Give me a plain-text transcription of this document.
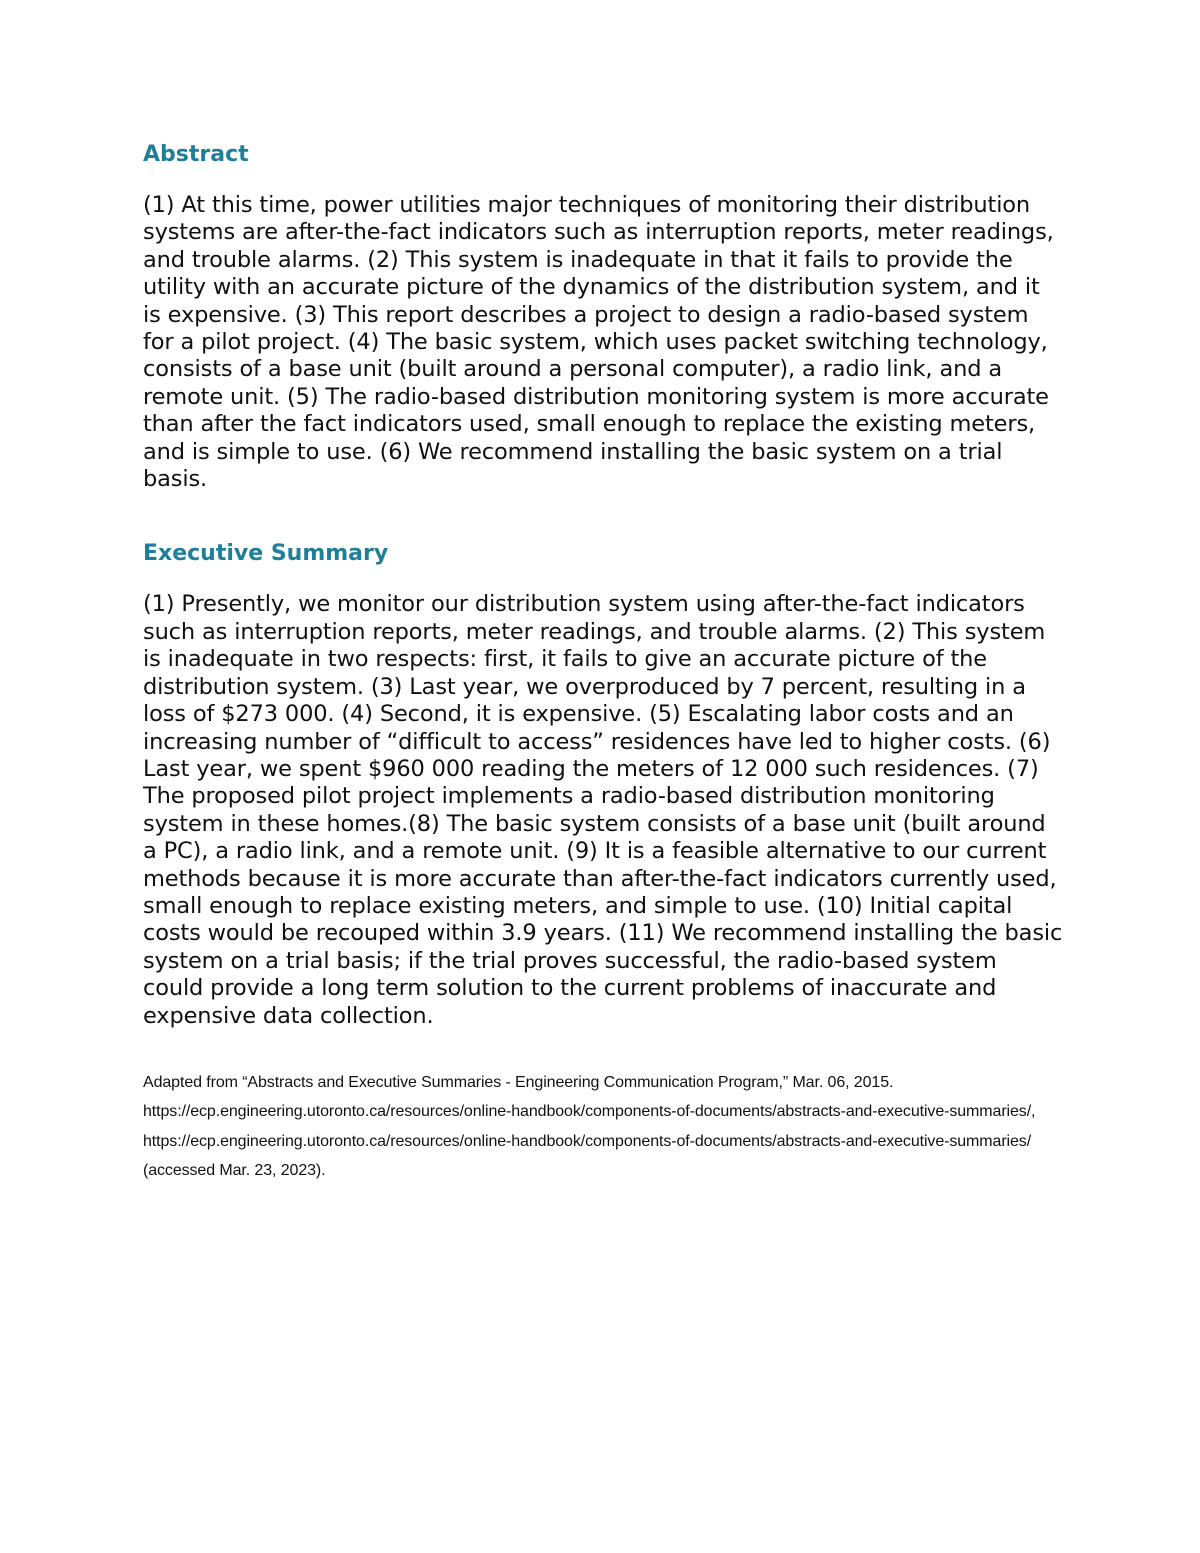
Abstract

(1) At this time, power utilities major techniques of monitoring their distribution systems are after-the-fact indicators such as interruption reports, meter readings, and trouble alarms. (2) This system is inadequate in that it fails to provide the utility with an accurate picture of the dynamics of the distribution system, and it is expensive. (3) This report describes a project to design a radio-based system for a pilot project. (4) The basic system, which uses packet switching technology, consists of a base unit (built around a personal computer), a radio link, and a remote unit. (5) The radio-based distribution monitoring system is more accurate than after the fact indicators used, small enough to replace the existing meters, and is simple to use. (6) We recommend installing the basic system on a trial basis.

Executive Summary

(1) Presently, we monitor our distribution system using after-the-fact indicators such as interruption reports, meter readings, and trouble alarms. (2) This system is inadequate in two respects: first, it fails to give an accurate picture of the distribution system. (3) Last year, we overproduced by 7 percent, resulting in a loss of $273 000. (4) Second, it is expensive. (5) Escalating labor costs and an increasing number of “difficult to access” residences have led to higher costs. (6) Last year, we spent $960 000 reading the meters of 12 000 such residences. (7) The proposed pilot project implements a radio-based distribution monitoring system in these homes.(8) The basic system consists of a base unit (built around a PC), a radio link, and a remote unit. (9) It is a feasible alternative to our current methods because it is more accurate than after-the-fact indicators currently used, small enough to replace existing meters, and simple to use. (10) Initial capital costs would be recouped within 3.9 years. (11) We recommend installing the basic system on a trial basis; if the trial proves successful, the radio-based system could provide a long term solution to the current problems of inaccurate and expensive data collection.

Adapted from “Abstracts and Executive Summaries - Engineering Communication Program,” Mar. 06, 2015. https://ecp.engineering.utoronto.ca/resources/online-handbook/components-of-documents/abstracts-and-executive-summaries/, https://ecp.engineering.utoronto.ca/resources/online-handbook/components-of-documents/abstracts-and-executive-summaries/ (accessed Mar. 23, 2023).
